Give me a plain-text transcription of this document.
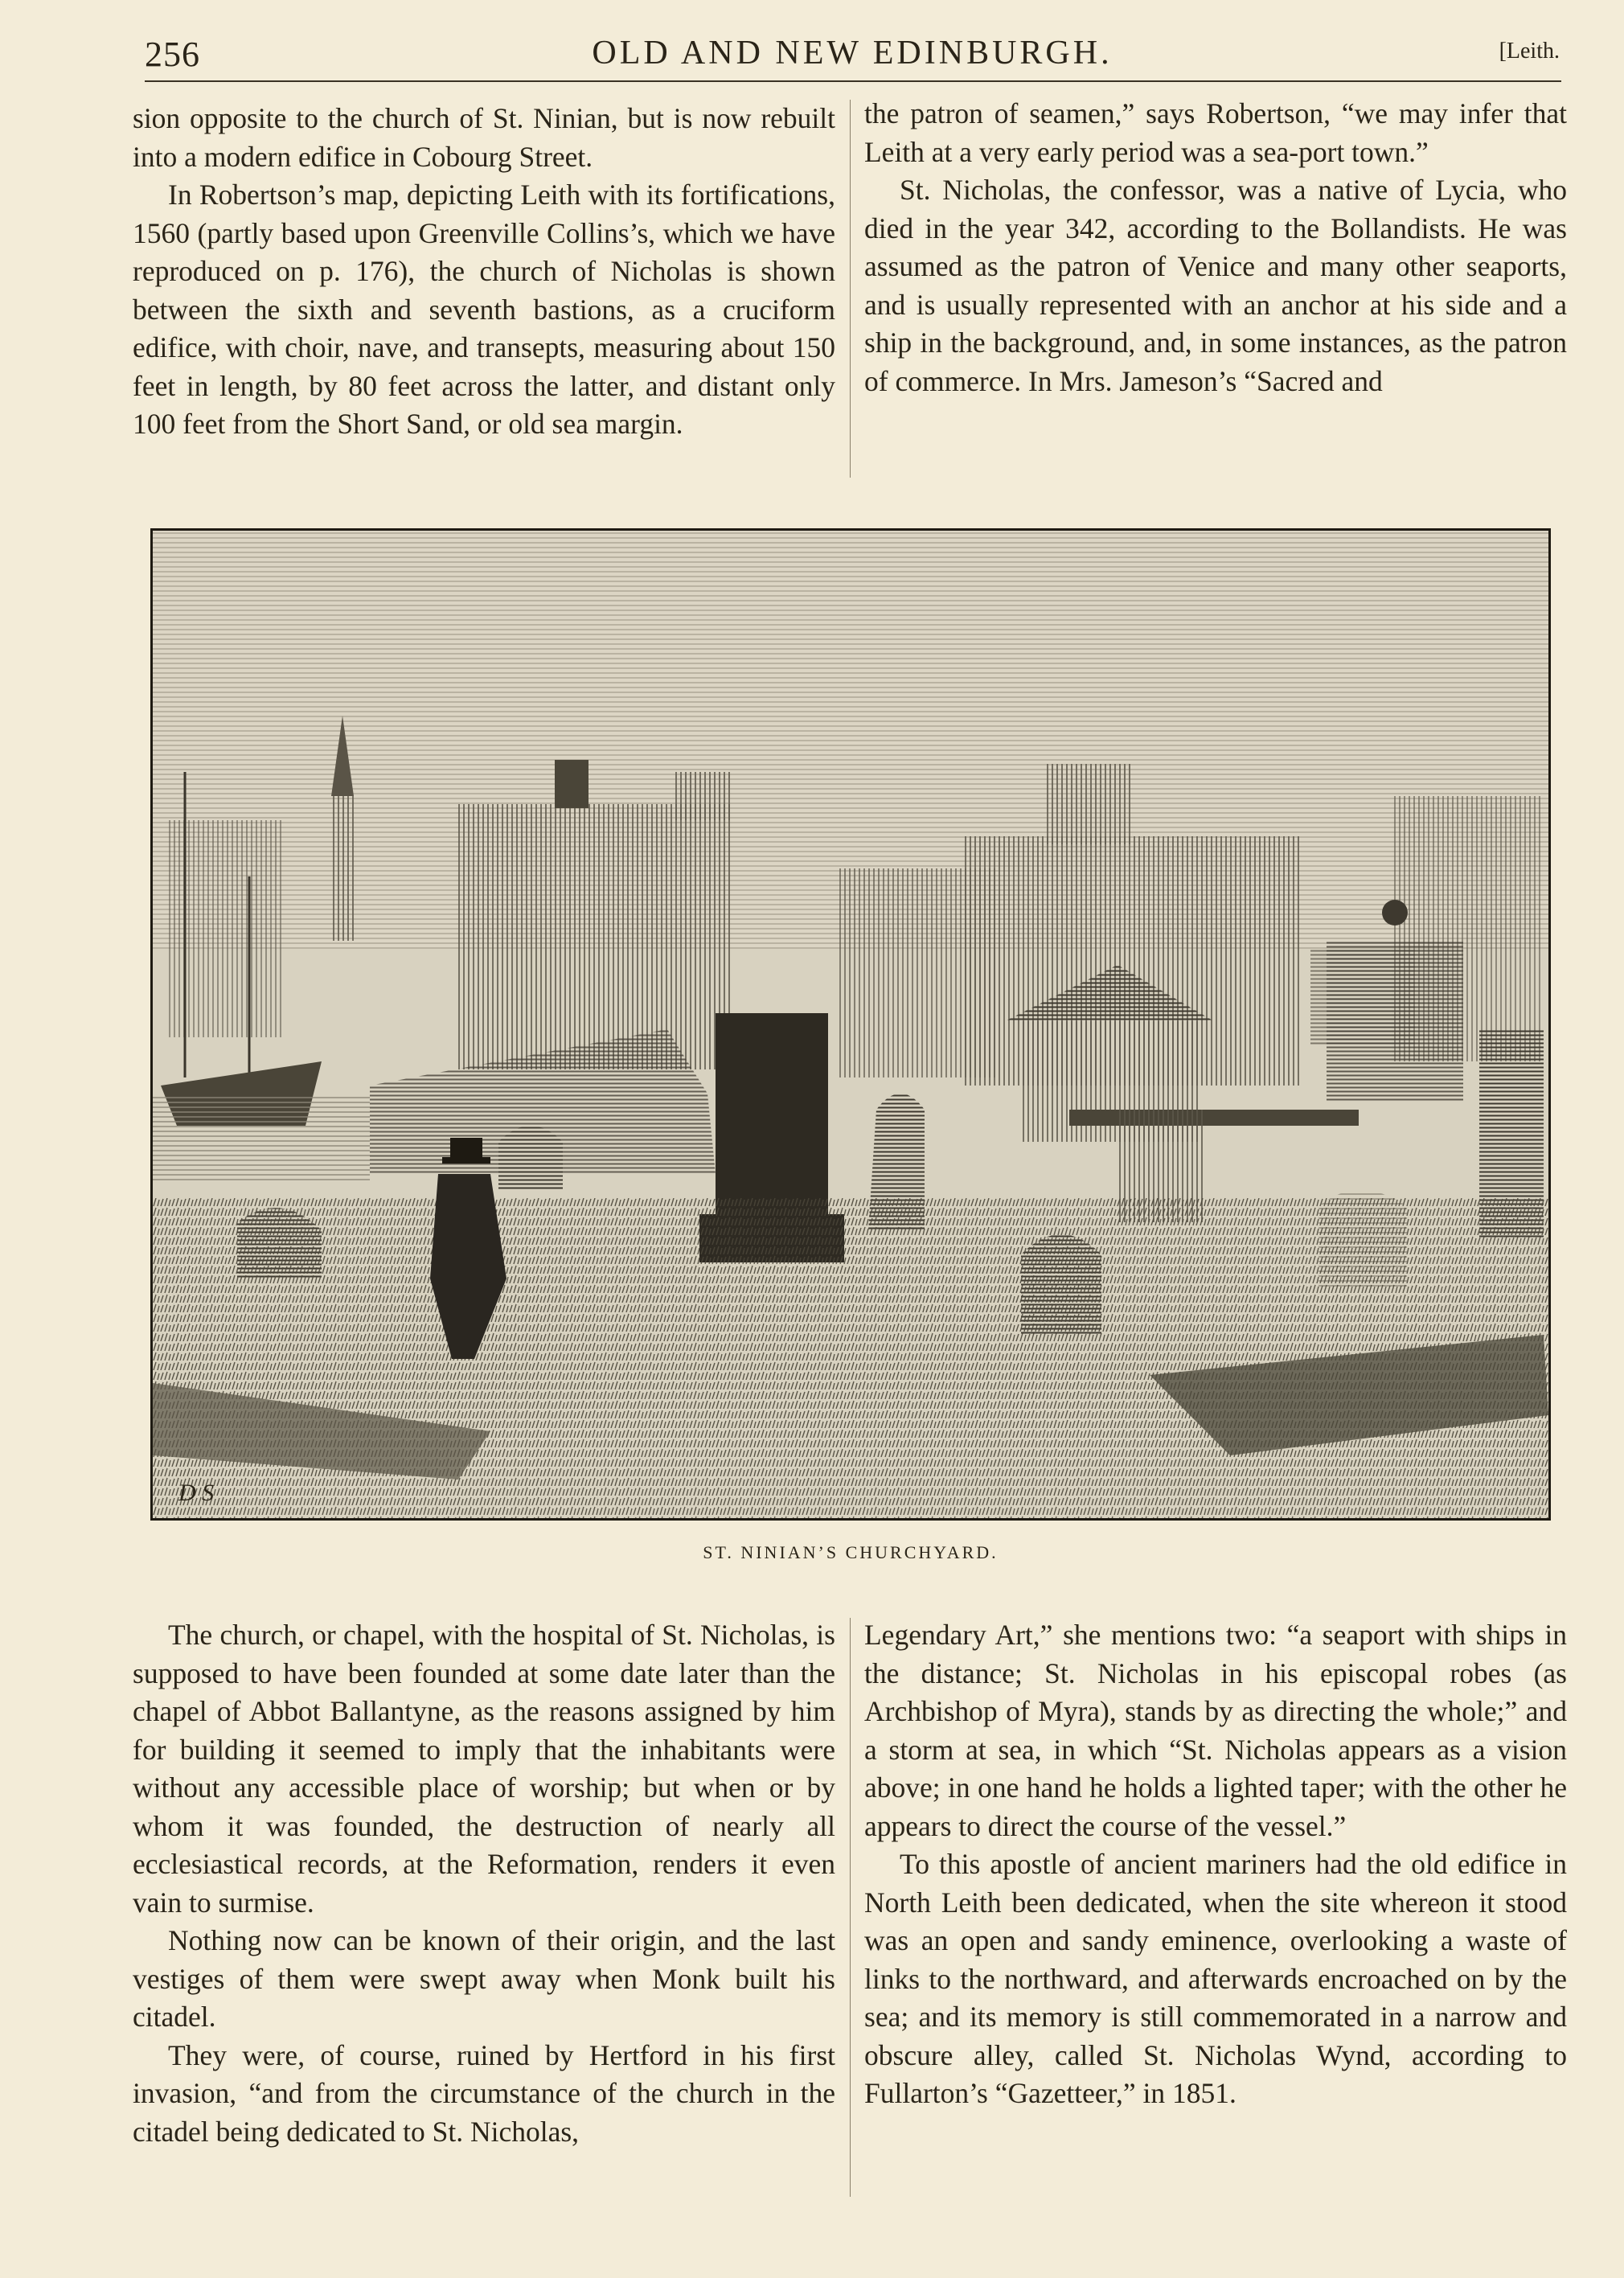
256	OLD AND NEW EDINBURGH.	[Leith.

sion opposite to the church of St. Ninian, but is now rebuilt into a modern edifice in Cobourg Street.

In Robertson’s map, depicting Leith with its fortifications, 1560 (partly based upon Greenville Collins’s, which we have reproduced on p. 176), the church of Nicholas is shown between the sixth and seventh bastions, as a cruciform edifice, with choir, nave, and transepts, measuring about 150 feet in length, by 80 feet across the latter, and distant only 100 feet from the Short Sand, or old sea margin.

the patron of seamen,” says Robertson, “we may infer that Leith at a very early period was a sea-port town.”

St. Nicholas, the confessor, was a native of Lycia, who died in the year 342, according to the Bollandists. He was assumed as the patron of Venice and many other seaports, and is usually represented with an anchor at his side and a ship in the background, and, in some instances, as the patron of commerce. In Mrs. Jameson’s “Sacred and

D S
ST. NINIAN’S CHURCHYARD.

The church, or chapel, with the hospital of St. Nicholas, is supposed to have been founded at some date later than the chapel of Abbot Ballantyne, as the reasons assigned by him for building it seemed to imply that the inhabitants were without any accessible place of worship; but when or by whom it was founded, the destruction of nearly all ecclesiastical records, at the Reformation, renders it even vain to surmise.

Nothing now can be known of their origin, and the last vestiges of them were swept away when Monk built his citadel.

They were, of course, ruined by Hertford in his first invasion, “and from the circumstance of the church in the citadel being dedicated to St. Nicholas,

Legendary Art,” she mentions two: “a seaport with ships in the distance; St. Nicholas in his episcopal robes (as Archbishop of Myra), stands by as directing the whole;” and a storm at sea, in which “St. Nicholas appears as a vision above; in one hand he holds a lighted taper; with the other he appears to direct the course of the vessel.”

To this apostle of ancient mariners had the old edifice in North Leith been dedicated, when the site whereon it stood was an open and sandy eminence, overlooking a waste of links to the northward, and afterwards encroached on by the sea; and its memory is still commemorated in a narrow and obscure alley, called St. Nicholas Wynd, according to Fullarton’s “Gazetteer,” in 1851.
